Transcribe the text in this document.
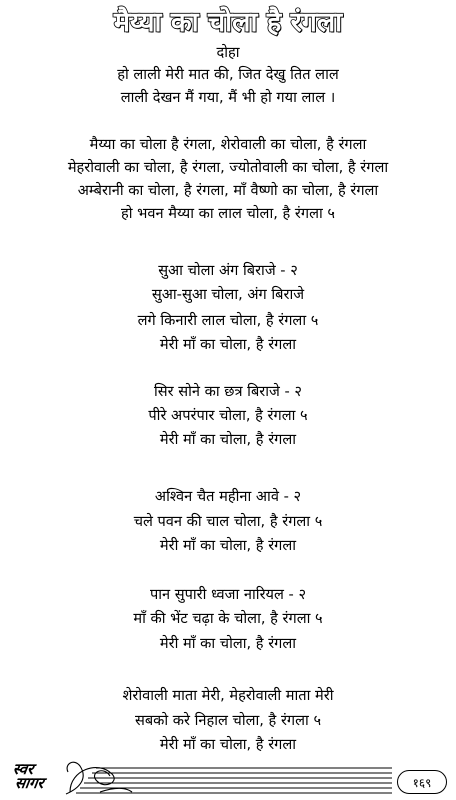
मैय्या का चोला है रंगला
दोहा
हो लाली मेरी मात की, जित देखु तित लाल
लाली देखन मैं गया, मैं भी हो गया लाल ।
मैय्या का चोला है रंगला, शेरोवाली का चोला, है रंगला
मेहरोवाली का चोला, है रंगला, ज्योतोवाली का चोला, है रंगला
अम्बेरानी का चोला, है रंगला, माँ वैष्णो का चोला, है रंगला
हो भवन मैय्या का लाल चोला, है रंगला ५
सुआ चोला अंग बिराजे - २
सुआ-सुआ चोला, अंग बिराजे
लगे किनारी लाल चोला, है रंगला ५
मेरी माँ का चोला, है रंगला
सिर सोने का छत्र बिराजे - २
पीरे अपरंपार चोला, है रंगला ५
मेरी माँ का चोला, है रंगला
अश्विन चैत महीना आवे - २
चले पवन की चाल चोला, है रंगला ५
मेरी माँ का चोला, है रंगला
पान सुपारी ध्वजा नारियल - २
माँ की भेंट चढ़ा के चोला, है रंगला ५
मेरी माँ का चोला, है रंगला
शेरोवाली माता मेरी, मेहरोवाली माता मेरी
सबको करे निहाल चोला, है रंगला ५
मेरी माँ का चोला, है रंगला
स्वर
सागर	१६९
